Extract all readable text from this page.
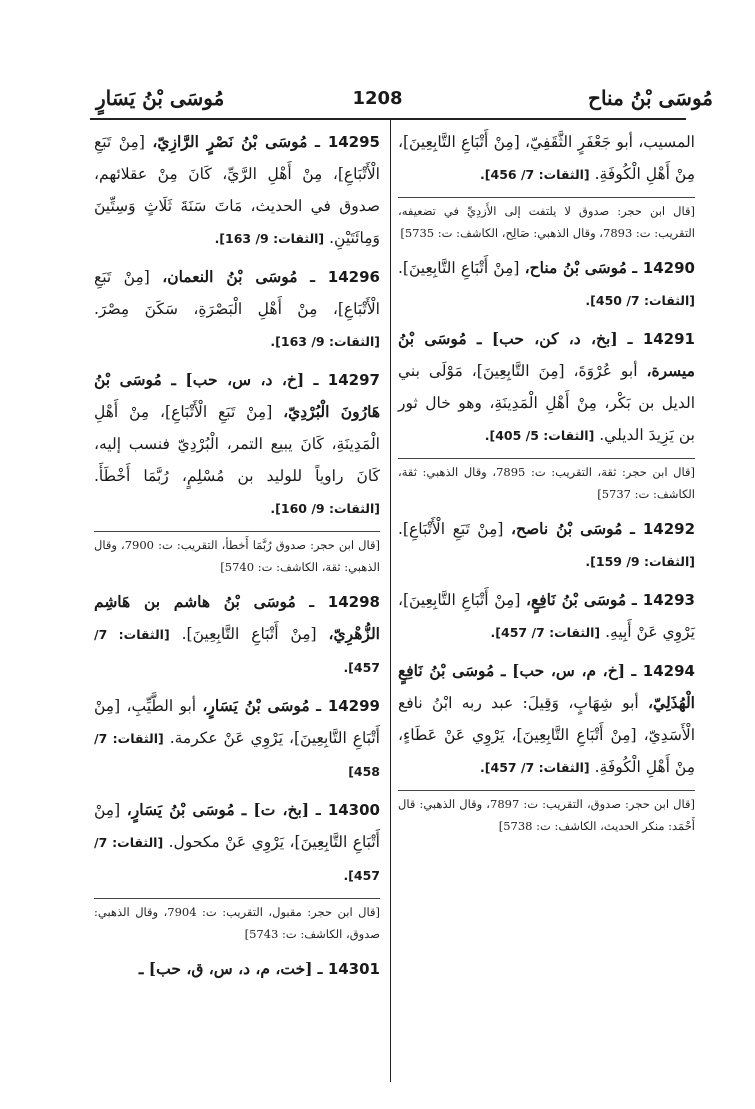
مُوسَى بْنُ مناح
1208
مُوسَى بْنُ يَسَارٍ
المسيب، أبو جَعْفَرٍ الثَّقَفِيّ، [مِنْ أَتْبَاعِ التَّابِعِينَ]، مِنْ أَهْلِ الْكُوفَةِ. [الثقات: 7/ 456].
[قال ابن حجر: صدوق لا يلتفت إلى الأَزدِيِّ في تضعيفه، التقريب: ت: 7893، وقال الذهبي: صَالِح، الكاشف: ت: 5735]
14290 ـ مُوسَى بْنُ مناح، [مِنْ أَتْبَاعِ التَّابِعِينَ]. [الثقات: 7/ 450].
14291 ـ [بخ، د، كن، حب] ـ مُوسَى بْنُ ميسرة، أبو عُرْوَةَ، [مِنَ التَّابِعِينَ]، مَوْلَى بني الديل بن بَكْر، مِنْ أَهْلِ الْمَدِينَةِ، وهو خال ثور بن يَزِيدَ الديلي. [الثقات: 5/ 405].
[قال ابن حجر: ثقة، التقريب: ت: 7895، وقال الذهبي: ثقة، الكاشف: ت: 5737]
14292 ـ مُوسَى بْنُ ناصح، [مِنْ تَبَعِ الْأَتْبَاعِ]. [الثقات: 9/ 159].
14293 ـ مُوسَى بْنُ نَافِعٍ، [مِنْ أَتْبَاعِ التَّابِعِينَ]، يَرْوِي عَنْ أَبِيهِ. [الثقات: 7/ 457].
14294 ـ [خ، م، س، حب] ـ مُوسَى بْنُ نَافِعٍ الْهُذَلِيّ، أبو شِهَابٍ، وَقِيلَ: عبد ربه ابْنُ نافع الْأَسَدِيّ، [مِنْ أَتْبَاعِ التَّابِعِينَ]، يَرْوِي عَنْ عَطَاءٍ، مِنْ أَهْلِ الْكُوفَةِ. [الثقات: 7/ 457].
[قال ابن حجر: صدوق، التقريب: ت: 7897، وقال الذهبي: قال أَحْمَد: منكر الحديث، الكاشف: ت: 5738]
14295 ـ مُوسَى بْنُ نَصْرٍ الرَّازِيّ، [مِنْ تَبَعِ الْأَتْبَاعِ]، مِنْ أَهْلِ الرَّيِّ، كَانَ مِنْ عقلائهم، صدوق في الحديث، مَاتَ سَنَةَ ثَلَاثٍ وَسِتِّينَ وَمِائَتَيْنِ. [الثقات: 9/ 163].
14296 ـ مُوسَى بْنُ النعمان، [مِنْ تَبَعِ الْأَتْبَاعِ]، مِنْ أَهْلِ الْبَصْرَةِ، سَكَنَ مِصْرَ. [الثقات: 9/ 163].
14297 ـ [خ، د، س، حب] ـ مُوسَى بْنُ هَارُونَ الْبُرْدِيّ، [مِنْ تَبَعِ الْأَتْبَاعِ]، مِنْ أَهْلِ الْمَدِينَةِ، كَانَ يبيع التمر، الْبُرْدِيّ فنسب إليه، كَانَ راوياً للوليد بن مُسْلِمٍ، رُبَّمَا أَخْطَأَ. [الثقات: 9/ 160].
[قال ابن حجر: صدوق رُبَّمَا أَخطأ، التقريب: ت: 7900، وقال الذهبي: ثقة، الكاشف: ت: 5740]
14298 ـ مُوسَى بْنُ هاشم بن هَاشِم الزُّهْرِيّ، [مِنْ أَتْبَاعِ التَّابِعِينَ]. [الثقات: 7/ 457].
14299 ـ مُوسَى بْنُ يَسَارٍ، أبو الطَّيِّبِ، [مِنْ أَتْبَاعِ التَّابِعِينَ]، يَرْوِي عَنْ عكرمة. [الثقات: 7/ 458]
14300 ـ [بخ، ت] ـ مُوسَى بْنُ يَسَارٍ، [مِنْ أَتْبَاعِ التَّابِعِينَ]، يَرْوِي عَنْ مكحول. [الثقات: 7/ 457].
[قال ابن حجر: مقبول، التقريب: ت: 7904، وقال الذهبي: صدوق، الكاشف: ت: 5743]
14301 ـ [خت، م، د، س، ق، حب] ـ
